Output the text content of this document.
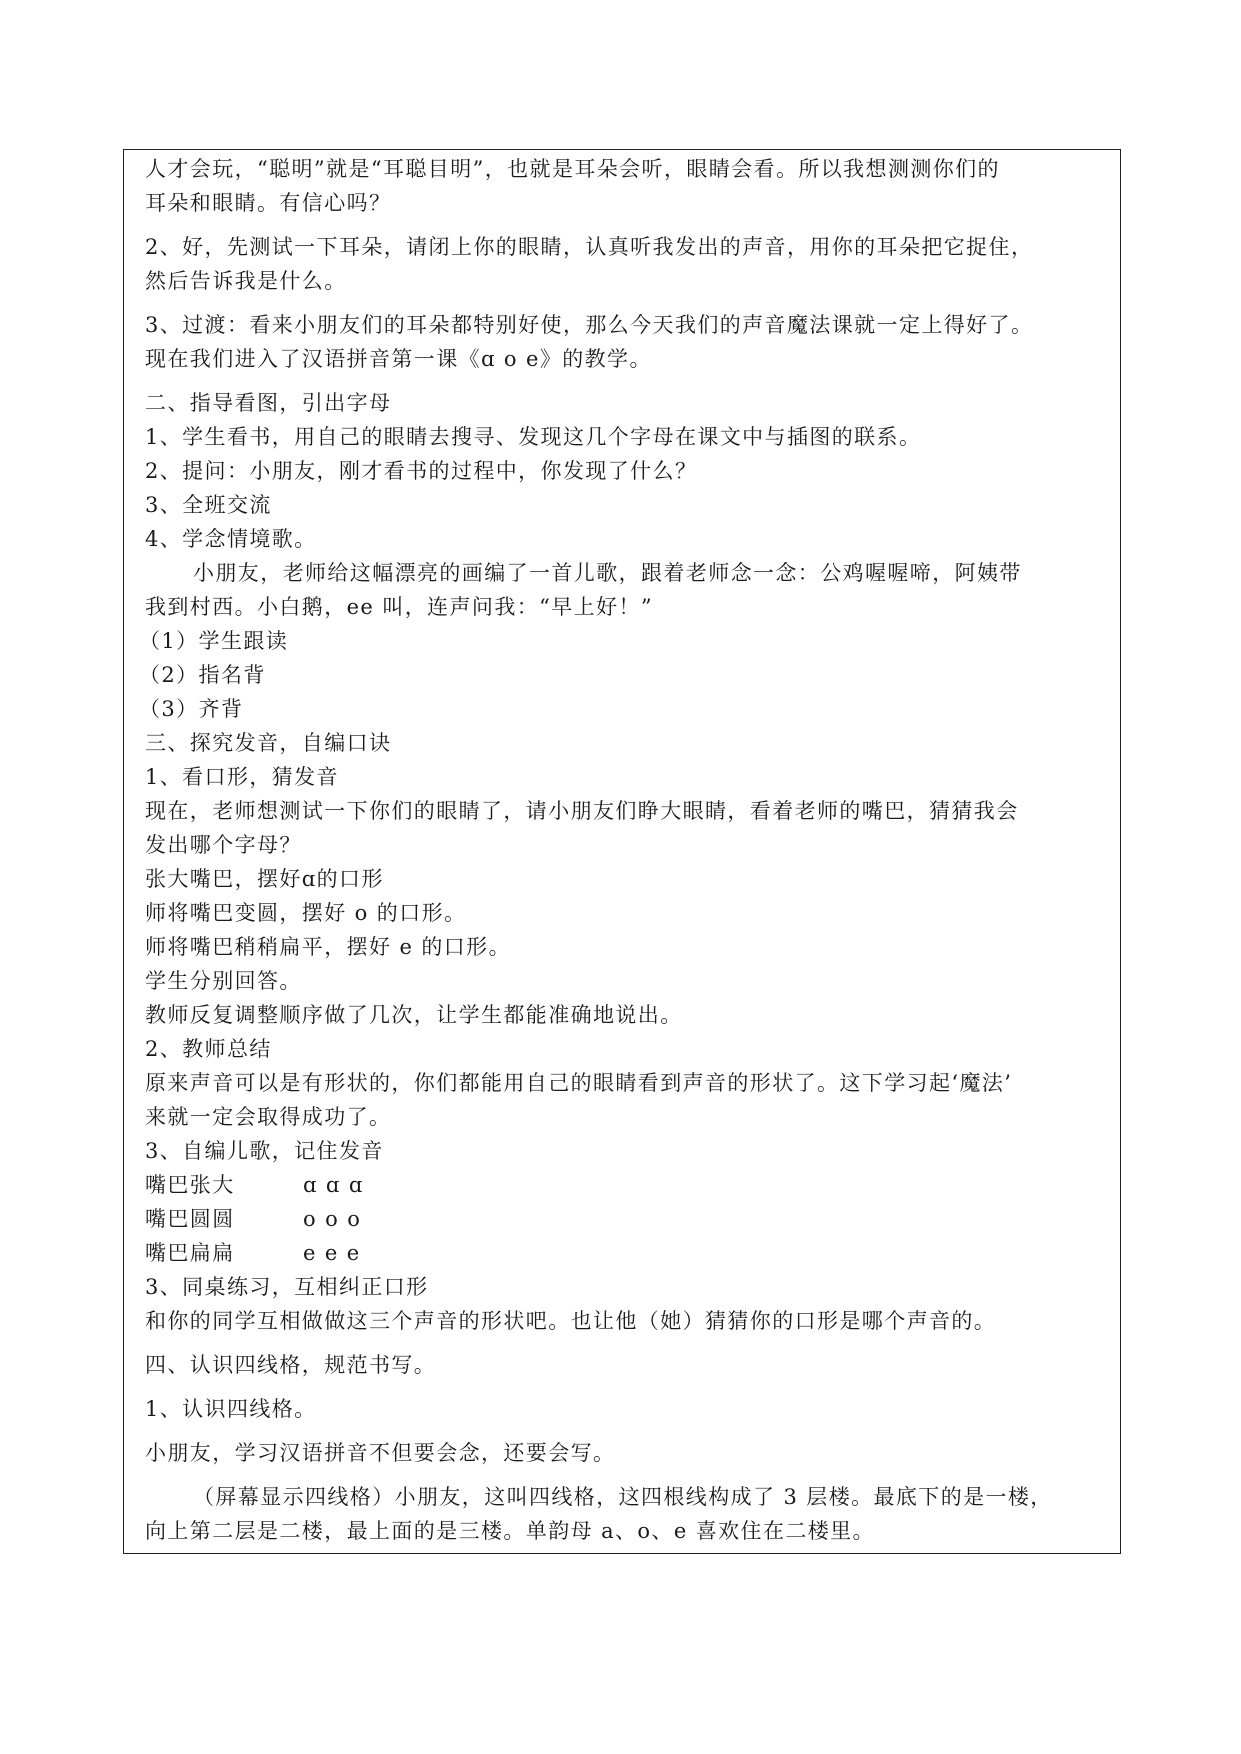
人才会玩，“聪明”就是“耳聪目明”，也就是耳朵会听，眼睛会看。所以我想测测你们的
耳朵和眼睛。有信心吗？
2、好，先测试一下耳朵，请闭上你的眼睛，认真听我发出的声音，用你的耳朵把它捉住，
然后告诉我是什么。
3、过渡：看来小朋友们的耳朵都特别好使，那么今天我们的声音魔法课就一定上得好了。
现在我们进入了汉语拼音第一课《ɑ o e》的教学。
二、指导看图，引出字母
1、学生看书，用自己的眼睛去搜寻、发现这几个字母在课文中与插图的联系。
2、提问：小朋友，刚才看书的过程中，你发现了什么？
3、全班交流
4、学念情境歌。
小朋友，老师给这幅漂亮的画编了一首儿歌，跟着老师念一念：公鸡喔喔啼，阿姨带
我到村西。小白鹅，ee 叫，连声问我：“早上好！”
（1）学生跟读
（2）指名背
（3）齐背
三、探究发音，自编口诀
1、看口形，猜发音
现在，老师想测试一下你们的眼睛了，请小朋友们睁大眼睛，看着老师的嘴巴，猜猜我会
发出哪个字母？
张大嘴巴，摆好ɑ的口形
师将嘴巴变圆，摆好 o 的口形。
师将嘴巴稍稍扁平，摆好 e 的口形。
学生分别回答。
教师反复调整顺序做了几次，让学生都能准确地说出。
2、教师总结
原来声音可以是有形状的，你们都能用自己的眼睛看到声音的形状了。这下学习起‘魔法’
来就一定会取得成功了。
3、自编儿歌，记住发音
嘴巴张大	ɑ ɑ ɑ
嘴巴圆圆	o o o
嘴巴扁扁	e e e
3、同桌练习，互相纠正口形
和你的同学互相做做这三个声音的形状吧。也让他（她）猜猜你的口形是哪个声音的。
四、认识四线格，规范书写。
1、认识四线格。
小朋友，学习汉语拼音不但要会念，还要会写。
（屏幕显示四线格）小朋友，这叫四线格，这四根线构成了 3 层楼。最底下的是一楼，
向上第二层是二楼，最上面的是三楼。单韵母 a、o、e 喜欢住在二楼里。
